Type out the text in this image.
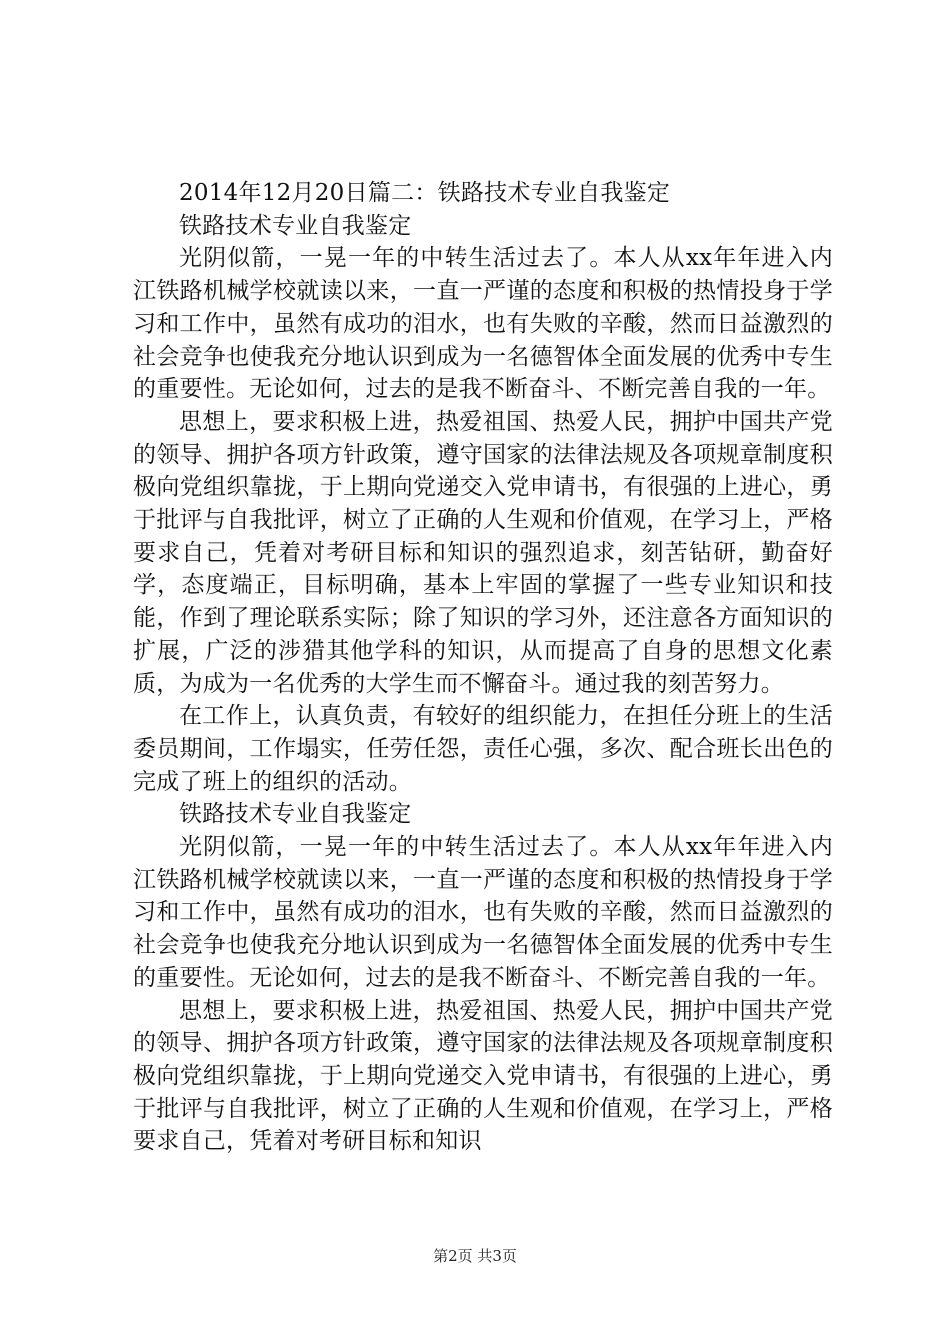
2014年12月20日篇二：铁路技术专业自我鉴定

铁路技术专业自我鉴定

光阴似箭，一晃一年的中转生活过去了。本人从xx年年进入内江铁路机械学校就读以来，一直一严谨的态度和积极的热情投身于学习和工作中，虽然有成功的泪水，也有失败的辛酸，然而日益激烈的社会竞争也使我充分地认识到成为一名德智体全面发展的优秀中专生的重要性。无论如何，过去的是我不断奋斗、不断完善自我的一年。

思想上，要求积极上进，热爱祖国、热爱人民，拥护中国共产党的领导、拥护各项方针政策，遵守国家的法律法规及各项规章制度积极向党组织靠拢，于上期向党递交入党申请书，有很强的上进心，勇于批评与自我批评，树立了正确的人生观和价值观，在学习上，严格要求自己，凭着对考研目标和知识的强烈追求，刻苦钻研，勤奋好学，态度端正，目标明确，基本上牢固的掌握了一些专业知识和技能，作到了理论联系实际；除了知识的学习外，还注意各方面知识的扩展，广泛的涉猎其他学科的知识，从而提高了自身的思想文化素质，为成为一名优秀的大学生而不懈奋斗。通过我的刻苦努力。

在工作上，认真负责，有较好的组织能力，在担任分班上的生活委员期间，工作塌实，任劳任怨，责任心强，多次、配合班长出色的完成了班上的组织的活动。

铁路技术专业自我鉴定

光阴似箭，一晃一年的中转生活过去了。本人从xx年年进入内江铁路机械学校就读以来，一直一严谨的态度和积极的热情投身于学习和工作中，虽然有成功的泪水，也有失败的辛酸，然而日益激烈的社会竞争也使我充分地认识到成为一名德智体全面发展的优秀中专生的重要性。无论如何，过去的是我不断奋斗、不断完善自我的一年。

思想上，要求积极上进，热爱祖国、热爱人民，拥护中国共产党的领导、拥护各项方针政策，遵守国家的法律法规及各项规章制度积极向党组织靠拢，于上期向党递交入党申请书，有很强的上进心，勇于批评与自我批评，树立了正确的人生观和价值观，在学习上，严格要求自己，凭着对考研目标和知识

第2页 共3页
